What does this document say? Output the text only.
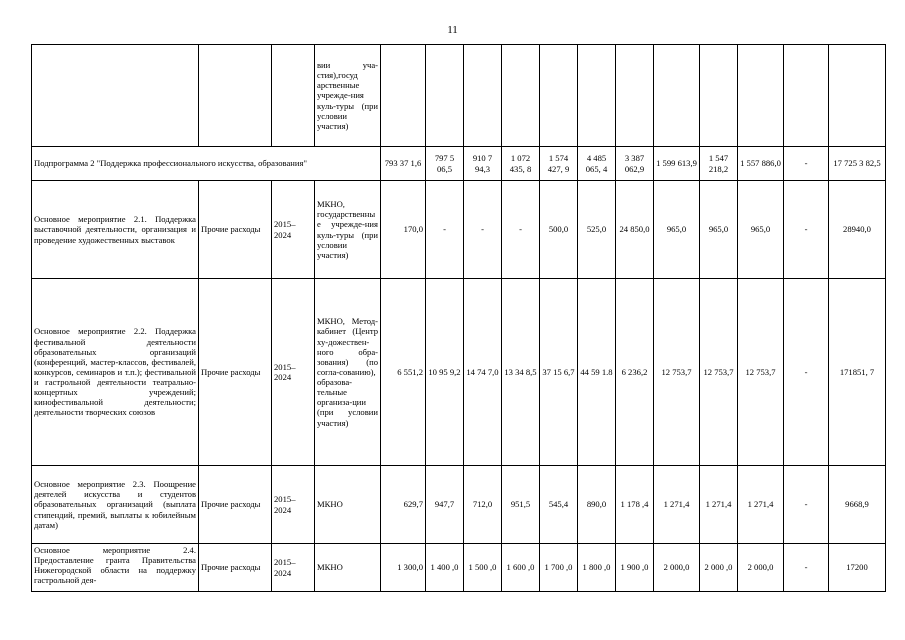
11
			вии уча-стия),госуд арственные учрежде-ния куль-туры (при условии участия)												
Подпрограмма 2 "Поддержка профессионального искусства, образования"				793 37 1,6	797 5 06,5	910 7 94,3	1 072 435, 8	1 574 427, 9	4 485 065, 4	3 387 062,9	1 599 613,9	1 547 218,2	1 557 886,0	-	17 725 3 82,5
Основное мероприятие 2.1. Поддержка выставочной деятельности, организация и проведение художественных выставок	Прочие расходы	2015– 2024	МКНО, государственные учрежде-ния куль-туры (при условии участия)	170,0	-	-	-	500,0	525,0	24 850,0	965,0	965,0	965,0	-	28940,0
Основное мероприятие 2.2. Поддержка фестивальной деятельности образовательных организаций (конференций, мастер-классов, фестивалей, конкурсов, семинаров и т.п.); фестивальной и гастрольной деятельности театрально-концертных учреждений; кинофестивальной деятельности; деятельности творческих союзов	Прочие расходы	2015– 2024	МКНО, Метод-кабинет (Центр ху-дожествен-ного обра-зования) (по согла-сованию), образова-тельные организа-ции (при условии участия)	6 551,2	10 95 9,2	14 74 7,0	13 34 8,5	37 15 6,7	44 59 1.8	6 236,2	12 753,7	12 753,7	12 753,7	-	171851, 7
Основное мероприятие 2.3. Поощрение деятелей искусства и студентов образовательных организаций (выплата стипендий, премий, выплаты к юбилейным датам)	Прочие расходы	2015– 2024	МКНО	629,7	947,7	712,0	951,5	545,4	890,0	1 178 ,4	1 271,4	1 271,4	1 271,4	-	9668,9
Основное мероприятие 2.4. Предоставление гранта Правительства Нижегородской области на поддержку гастрольной дея-	Прочие расходы	2015– 2024	МКНО	1 300,0	1 400 ,0	1 500 ,0	1 600 ,0	1 700 ,0	1 800 ,0	1 900 ,0	2 000,0	2 000 ,0	2 000,0	-	17200
